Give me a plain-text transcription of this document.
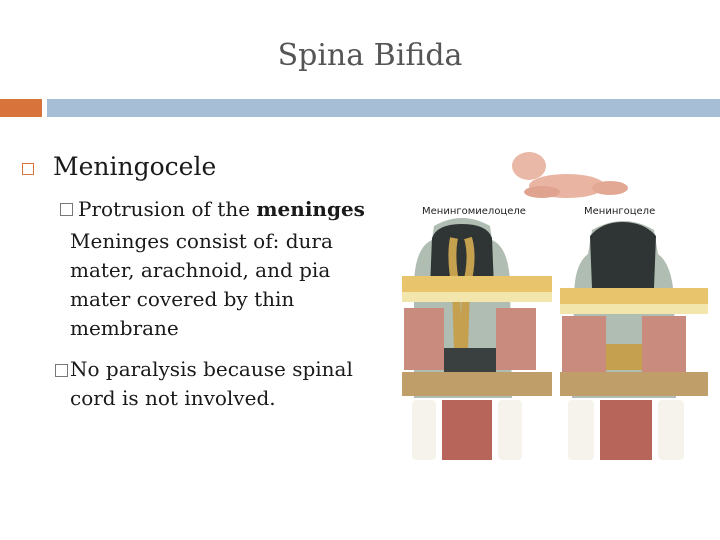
Spina Bifida
Meningocele
Protrusion of the meninges
Meninges consist of: dura mater, arachnoid, and pia mater covered by thin membrane
No paralysis because spinal cord is not involved.
Менингомиелоцеле	Менингоцеле
